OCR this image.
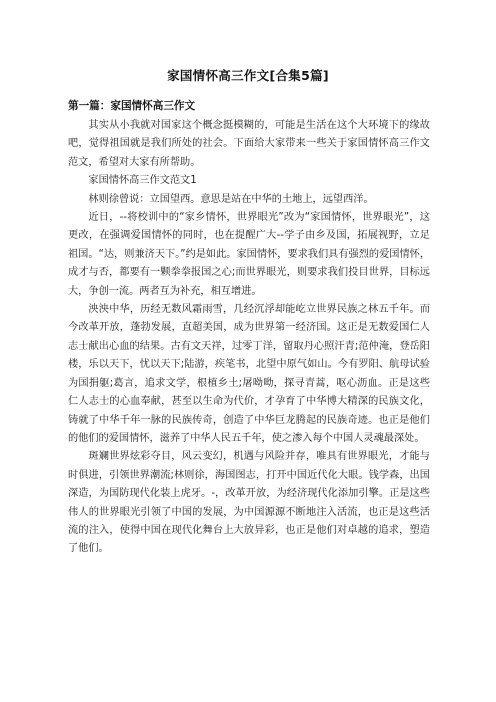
家国情怀高三作文[合集5篇]
第一篇：家国情怀高三作文

其实从小我就对国家这个概念挺模糊的，可能是生活在这个大环境下的缘故吧，觉得祖国就是我们所处的社会。下面给大家带来一些关于家国情怀高三作文范文，希望对大家有所帮助。

家国情怀高三作文范文1

林则徐曾说：立国望西。意思是站在中华的土地上，远望西洋。

近日，--将校训中的“家乡情怀，世界眼光”改为“家国情怀，世界眼光”，这更改，在强调爱国情怀的同时，也在提醒广大--学子由乡及国，拓展视野，立足祖国。“达，则兼济天下。”约是如此。家国情怀，要求我们具有强烈的爱国情怀，成才与否，都要有一颗拳拳报国之心;而世界眼光，则要求我们投目世界，目标远大，争创一流。两者互为补充，相互增进。

泱泱中华，历经无数风霜雨雪，几经沉浮却能屹立世界民族之林五千年。而今改革开放，蓬勃发展，直超美国，成为世界第一经济国。这正是无数爱国仁人志士献出心血的结果。古有文天祥，过零丁洋，留取丹心照汗青;范仲淹，登岳阳楼，乐以天下，忧以天下;陆游，疾笔书，北望中原气如山。今有罗阳、航母试验为国捐躯;葛言，追求文学，根植乡土;屠呦呦，探寻青蒿，呕心沥血。正是这些仁人志士的心血奉献，甚至以生命为代价，才孕育了中华博大精深的民族文化，铸就了中华千年一脉的民族传奇，创造了中华巨龙腾起的民族奇迹。也正是他们的他们的爱国情怀，滋养了中华人民五千年，使之渗入每个中国人灵魂最深处。

斑斓世界炫彩夺目，风云变幻，机遇与风险并存，唯具有世界眼光，才能与时俱进，引领世界潮流;林则徐，海国图志，打开中国近代化大眼。钱学森，出国深造，为国防现代化装上虎牙。-，改革开放，为经济现代化添加引擎。正是这些伟人的世界眼光引领了中国的发展，为中国源源不断地注入活流，也正是这些活流的注入，使得中国在现代化舞台上大放异彩，也正是他们对卓越的追求，塑造了他们。
